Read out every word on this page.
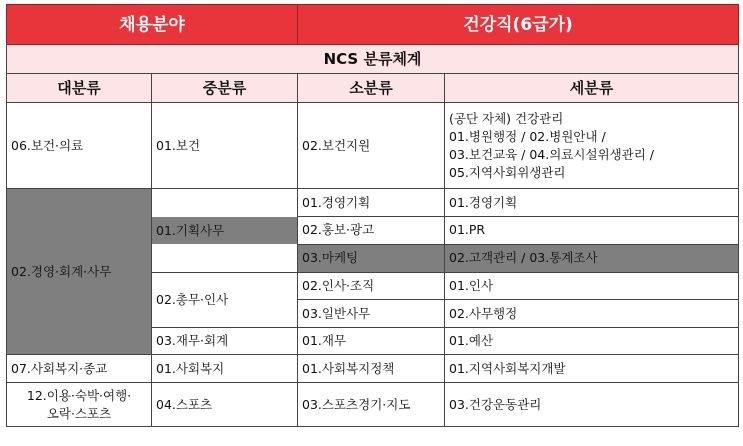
채용분야		건강직(6급가)	
NCS 분류체계			
대분류	중분류	소분류	세분류
06.보건·의료	01.보건	02.보건지원	(공단 자체) 건강관리
01.병원행정 / 02.병원안내 /
03.보건교육 / 04.의료시설위생관리 /
05.지역사회위생관리

02.경영·회계·사무	01.기획사무	01.경영기획	01.경영기획
		02.홍보·광고	01.PR
		03.마케팅	02.고객관리 / 03.통계조사
	02.총무·인사	02.인사·조직	01.인사
		03.일반사무	02.사무행정
	03.재무·회계	01.재무	01.예산
07.사회복지·종교	01.사회복지	01.사회복지정책	01.지역사회복지개발

12.이용·숙박·여행·
오락·스포츠	04.스포츠	03.스포츠경기·지도	03.건강운동관리
